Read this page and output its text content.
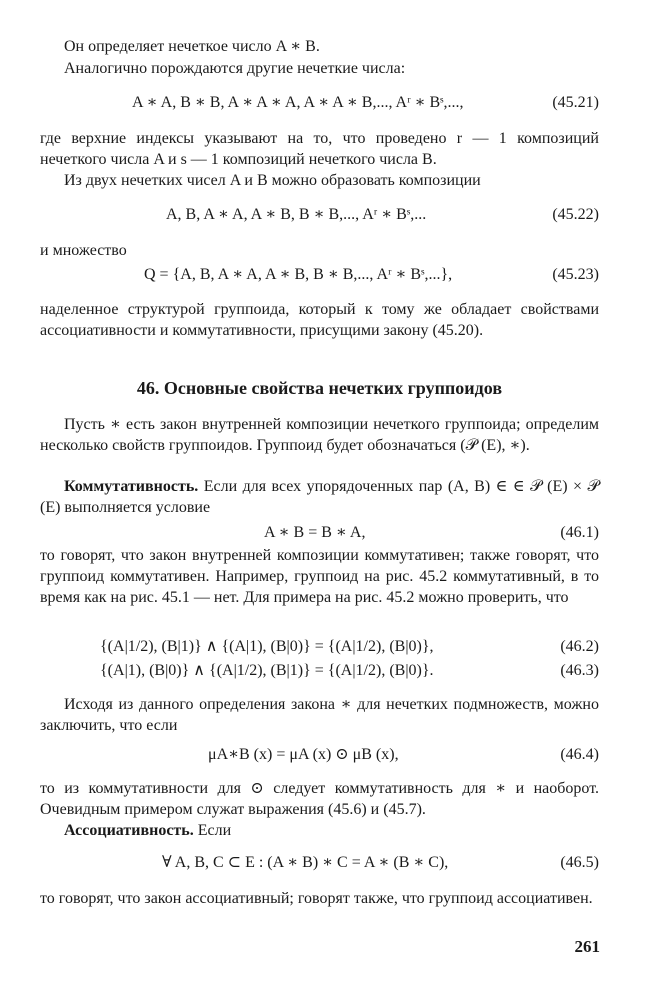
Он определяет нечеткое число A ∗ B.

Аналогично порождаются другие нечеткие числа:

A ∗ A, B ∗ B, A ∗ A ∗ A, A ∗ A ∗ B,..., Aʳ ∗ Bˢ,...,	(45.21)

где верхние индексы указывают на то, что проведено r — 1 композиций нечеткого числа A и s — 1 композиций нечеткого числа B.

Из двух нечетких чисел A и B можно образовать композиции

A, B, A ∗ A, A ∗ B, B ∗ B,..., Aʳ ∗ Bˢ,...	(45.22)

и множество

Q = {A, B, A ∗ A, A ∗ B, B ∗ B,..., Aʳ ∗ Bˢ,...},	(45.23)

наделенное структурой группоида, который к тому же обладает свойствами ассоциативности и коммутативности, присущими закону (45.20).

46. Основные свойства нечетких группоидов

Пусть ∗ есть закон внутренней композиции нечеткого группоида; определим несколько свойств группоидов. Группоид будет обозначаться (𝒫 (E), ∗).

Коммутативность. Если для всех упорядоченных пар (A, B) ∈ ∈ 𝒫 (E) × 𝒫 (E) выполняется условие

A ∗ B = B ∗ A,	(46.1)

то говорят, что закон внутренней композиции коммутативен; также говорят, что группоид коммутативен. Например, группоид на рис. 45.2 коммутативный, в то время как на рис. 45.1 — нет. Для примера на рис. 45.2 можно проверить, что

{(A|1/2), (B|1)} ∧ {(A|1), (B|0)} = {(A|1/2), (B|0)},	(46.2)
{(A|1), (B|0)} ∧ {(A|1/2), (B|1)} = {(A|1/2), (B|0)}.	(46.3)

Исходя из данного определения закона ∗ для нечетких подмножеств, можно заключить, что если

μA∗B (x) = μA (x) ⊙ μB (x),	(46.4)

то из коммутативности для ⊙ следует коммутативность для ∗ и наоборот. Очевидным примером служат выражения (45.6) и (45.7).

Ассоциативность. Если

∀ A, B, C ⊂ E : (A ∗ B) ∗ C = A ∗ (B ∗ C),	(46.5)

то говорят, что закон ассоциативный; говорят также, что группоид ассоциативен.

261
